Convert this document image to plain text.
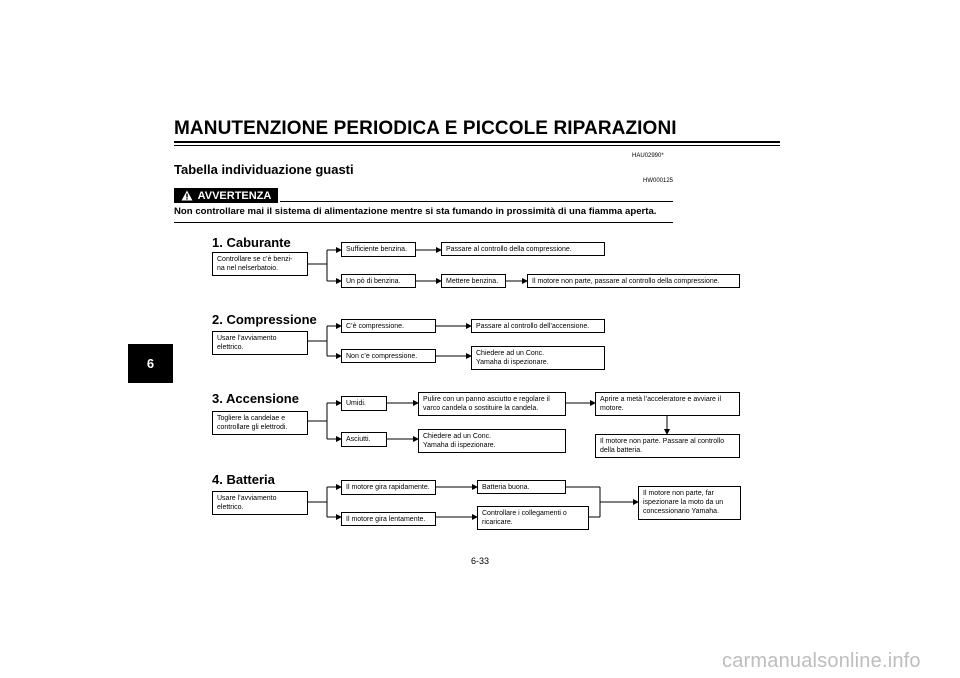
MANUTENZIONE PERIODICA E PICCOLE RIPARAZIONI
HAU02990*
Tabella individuazione guasti
HW000125
AVVERTENZA
Non controllare mai il sistema di alimentazione mentre si sta fumando in prossimità di una fiamma aperta.
6
1. Caburante
Controllare se c’è benzi-
na nel nelserbatoio.
Sufficiente benzina.	Passare al controllo della compressione.
Un pò di benzina.	Mettere benzina.	Il motore non parte, passare al controllo della compressione.
2. Compressione
Usare l’avviamento
elettrico.
C’è compressione.	Passare al controllo dell’accensione.
Non c’e compressione.	Chiedere ad un Conc.
Yamaha di ispezionare.
3. Accensione
Togliere la candelae e
controllare gli elettrodi.
Umidi.
Pulire con un panno asciutto e regolare il
varco candela o sostituire la candela.
Aprire a metà l’acceleratore e avviare il
motore.
Il motore non parte. Passare al controllo
della batteria.
Asciutti.	Chiedere ad un Conc.
Yamaha di ispezionare.
4. Batteria
Usare l’avviamento
elettrico.
Il motore gira rapidamente.	Batteria buona.
Il motore gira lentamente.
Controllare i collegamenti o
ricaricare.
Il motore non parte, far
ispezionare la moto da un
concessionario Yamaha.
6-33
carmanualsonline.info
